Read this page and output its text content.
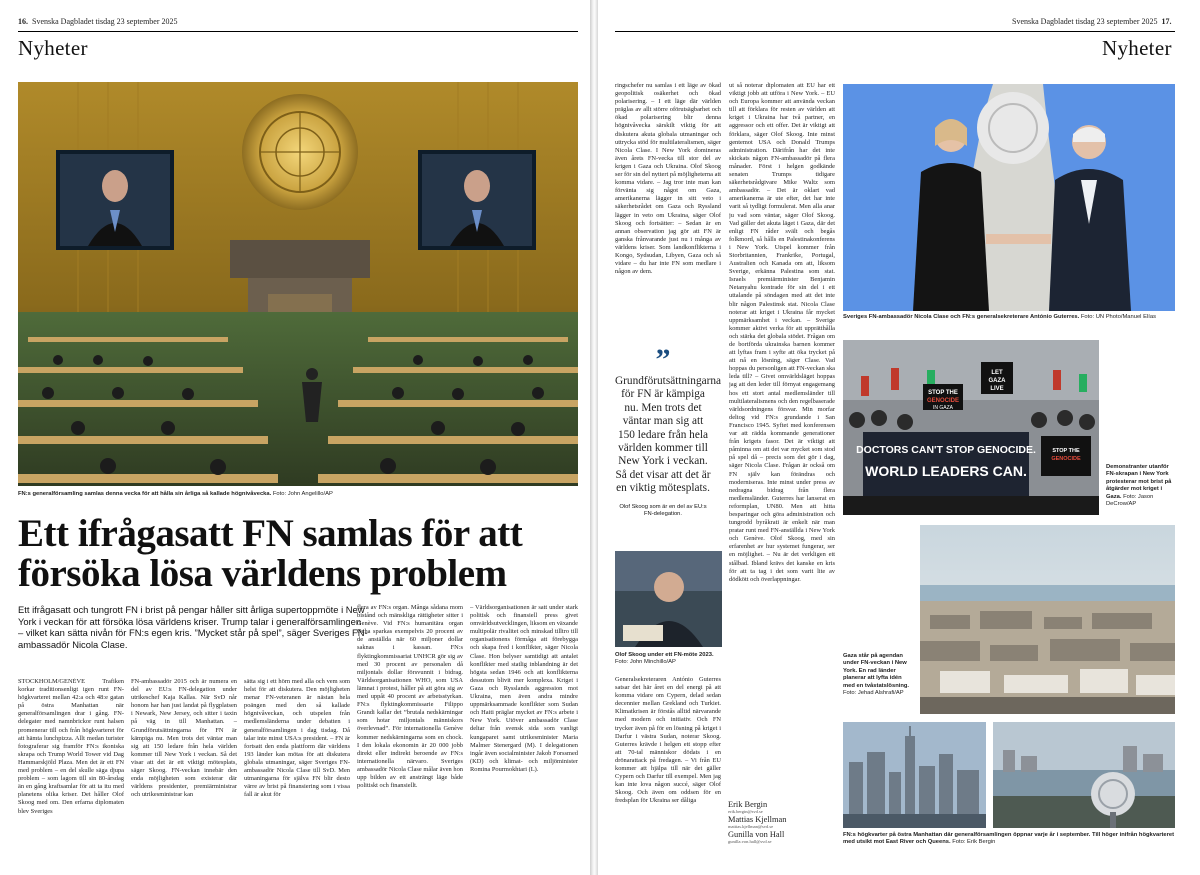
16. Svenska Dagbladet tisdag 23 september 2025
Nyheter
FN:s generalförsamling samlas denna vecka för att hålla sin årliga så kallade högnivåvecka. Foto: John Angelillo/AP
Ett ifrågasatt FN samlas för att försöka lösa världens problem
Ett ifrågasatt och tungrott FN i brist på pengar håller sitt årliga supertoppmöte i New York i veckan för att försöka lösa världens kriser. Trump talar i generalförsamlingen – vilket kan sätta nivån för FN:s egen kris. ”Mycket står på spel”, säger Sveriges FN-ambassadör Nicola Clase.
STOCKHOLM/GENÈVE Trafiken korkar traditionsenligt igen runt FN-högkvarteret mellan 42:a och 48:e gatan på östra Manhattan när generalförsamlingen drar i gång. FN-delegater med namnbrickor runt halsen promenerar till och från högkvarteret för att hämta lunchpizza. Allt medan turister fotograferar sig framför FN:s ikoniska skrapa och Trump World Tower vid Dag Hammarskjöld Plaza. Men det är ett FN med problem – en del skulle säga djupa problem – som lagom till sin 80-årsdag än en gång kraftsamlar för att ta itu med planetens olika kriser. Det håller Olof Skoog med om. Den erfarna diplomaten blev Sveriges
FN-ambassadör 2015 och är numera en del av EU:s FN-delegation under utrikeschef Kaja Kallas. När SvD når honom har han just landat på flygplatsen i Newark, New Jersey, och sitter i taxin på väg in till Manhattan. – Grundförutsättningarna för FN är kämpiga nu. Men trots det väntar man sig att 150 ledare från hela världen kommer till New York i veckan. Så det visar att det är ett viktigt mötesplats, säger Skoog. FN-veckan innebär den enda möjligheten som existerar där världens presidenter, premiärministrar och utrikesministrar kan
sätta sig i ett hörn med alla och vem som helst för att diskutera. Den möjligheten menar FN-veteranen är nästan hela poängen med den så kallade högnivåveckan, och utspelen från medlemsländerna under debatten i generalförsamlingen i dag tisdag. Då talar inte minst USA:s president. – FN är fortsatt den enda plattform där världens 193 länder kan mötas för att diskutera globala utmaningar, säger Sveriges FN-ambassadör Nicola Clase till SvD. Men utmaningarna för själva FN blir desto värre av brist på finansiering som i vissa fall är akut för
flera av FN:s organ. Många sådana mom bistånd och mänskliga rättigheter sitter i Genève. Vid FN:s humanitära organ Ocha sparkas exempelvis 20 procent av de anställda när 60 miljoner dollar saknas i kassan. FN:s flyktingkommissariat UNHCR gör sig av med 30 procent av personalen då miljontals dollar försvunnit i bidrag. Världsorganisationen WHO, som USA lämnat i protest, håller på att göra sig av med uppåt 40 procent av arbetsstyrkan. FN:s flyktingkommissarie Filippo Grandi kallar det ”brutala nedskärningar som hotar miljontals människors överlevnad”. För internationella Genève kommer nedskärningarna som en chock. I den lokala ekonomin är 20 000 jobb direkt eller indirekt beroende av FN:s internationella närvaro. Sveriges ambassadör Nicola Clase målar även hon upp bilden av ett ansträngt läge både politiskt och finansiellt.
– Världsorganisationen är satt under stark politisk och finansiell press givet omvärldsutvecklingen, liksom en växande multipolär rivalitet och minskad tilltro till organisationens förmåga att förebygga och skapa fred i konflikter, säger Nicola Clase. Hon belyser samtidigt att antalet konflikter med statlig inblandning är det högsta sedan 1946 och att konflikterna dessutom blivit mer komplexa. Kriget i Gaza och Rysslands aggression mot Ukraina, men även andra mindre uppmärksammade konflikter som Sudan och Haiti präglar mycket av FN:s arbete i New York. Utöver ambassadör Clase deltar från svensk sida som vanligt kungaparet samt utrikesminister Maria Malmer Stenergard (M). I delegationen ingår även socialminister Jakob Forssmed (KD) och klimat- och miljöminister Romina Pourmokhtari (L).
Svenska Dagbladet tisdag 23 september 2025 17.
Nyheter
ringschefer nu samlas i ett läge av ökad geopolitisk osäkerhet och ökad polarisering. – I ett läge där världen präglas av allt större oförutsägbarhet och ökad polarisering blir denna högnivåvecka särskilt viktig för att diskutera akuta globala utmaningar och uttrycka stöd för multilateralismen, säger Nicola Clase. I New York domineras även årets FN-vecka till stor del av krigen i Gaza och Ukraina. Olof Skoog ser för sin del nyttert på möjligheterna att komma vidare. – Jag tror inte man kan förvänta sig något om Gaza, amerikanerna lägger in sitt veto i säkerhetsrådet om Gaza och Ryssland lägger in veto om Ukraina, säger Olof Skoog och fortsätter: – Sedan är en annan observation jag gör att FN är ganska frånvarande just nu i många av världens kriser. Som landkonflikterna i Kongo, Sydsudan, Libyen, Gaza och så vidare – du har inte FN som medlare i någon av dem.
”
Grundförutsättningarna för FN är kämpiga nu. Men trots det väntar man sig att 150 ledare från hela världen kommer till New York i veckan. Så det visar att det är en viktig mötesplats.
Olof Skoog som är en del av EU:s FN-delegation.
Olof Skoog under ett FN-möte 2023. Foto: John Minchillo/AP
Generalsekreteraren António Guterres satsar det här året en del energi på att komma vidare om Cypern, delad sedan decennier mellan Grekland och Turkiet. Klimatkrisen är förstås alltid närvarande med modern och initiativ. Och FN trycker även på för en lösning på kriget i Darfur i västra Sudan, noterar Skoog. Guterres krävde i helgen ett stopp efter att 70-tal människor dödats i en drönarattack på fredagen. – Vi från EU kommer att hjälpa till när det gäller Cypern och Darfur till exempel. Men jag kan inte lova någon succé, säger Olof Skoog. Och även om oddsen för en fredsplan för Ukraina ser dåliga
ut så noterar diplomaten att EU har ett viktigt jobb att utföra i New York. – EU och Europa kommer att använda veckan till att förklara för resten av världen att kriget i Ukraina har två partner, en aggressor och ett offer. Det är viktigt att förklara, säger Olof Skoog. Inte minst gentemot USA och Donald Trumps administration. Därifrån har det inte skickats någon FN-ambassadör på flera månader. Först i helgen godkände senaten Trumps tidigare säkerhetsrådgivare Mike Waltz som ambassadör. – Det är oklart vad amerikanerna är ute efter, det har inte varit så tydligt formulerat. Men alla anar ju vad som väntar, säger Olof Skoog. Vad gäller det akuta läget i Gaza, där det enligt FN råder svält och begås folkmord, så hålls en Palestinakonferens i New York. Utspel kommer från Storbritannien, Frankrike, Portugal, Australien och Kanada om att, liksom Sverige, erkänna Palestina som stat. Israels premiärminister Benjamin Netanyahu kontrade för sin del i ett uttalande på söndagen med att det inte blir någon Palestinsk stat. Nicola Clase noterar att kriget i Ukraina får mycket uppmärksamhet i veckan. – Sverige kommer aktivt verka för att upprätthålla och stärka det globala stödet. Frågan om de bortförda ukrainska barnen kommer att lyftas fram i syfte att öka trycket på att nå en lösning, säger Clase. Vad hoppas du personligen att FN-veckan ska leda till? – Givet omvärldsläget hoppas jag att den leder till förnyat engagemang hos ett stort antal medlemsländer till multilateralismens och den regelbaserade världsordningens försvar. Min morfar deltog vid FN:s grundande i San Francisco 1945. Syftet med konferensen var att rädda kommande generationer från krigets fasor. Det är viktigt att påminna om att det var mycket som stod på spel då – precis som det gör i dag, säger Nicola Clase. Frågan är också om FN själv kan förändras och moderniseras. Inte minst under press av nedragna bidrag från flera medlemsländer. Guterres har lanserat en reformplan, UN80. Men att hitta besparingar och göra administration och tungrodd byråkrati är enkelt när man pratar runt med FN-anställda i New York och Genève. Olof Skoog, med sin erfarenhet av hur systemet fungerar, ser en möjlighet. – Nu är det verkligen ett stålbad. Ibland krävs det kanske en kris för att ta tag i det som varit lite av dödkött och överlappningar.
Erik Bergin
erik.bergin@svd.se
Mattias Kjellman
mattias.kjellman@svd.se
Gunilla von Hall
gunilla.von.hall@svd.se
Sveriges FN-ambassadör Nicola Clase och FN:s generalsekreterare António Guterres. Foto: UN Photo/Manuel Elías
STOP THE
GENOCIDE
IN GAZA
LET
GAZA
LIVE
DOCTORS CAN'T STOP GENOCIDE.
WORLD LEADERS CAN.
STOP THE
GENOCIDE
Demonstranter utanför FN-skrapan i New York protesterar mot brist på åtgärder mot kriget i Gaza. Foto: Jason DeCrow/AP
Gaza står på agendan under FN-veckan i New York. En rad länder planerar att lyfta idén med en tvåstatslösning. Foto: Jehad Alshrafi/AP
FN:s högkvarter på östra Manhattan där generalförsamlingen öppnar varje år i september. Till höger inifrån högkvarteret med utsikt mot East River och Queens. Foto: Erik Bergin
